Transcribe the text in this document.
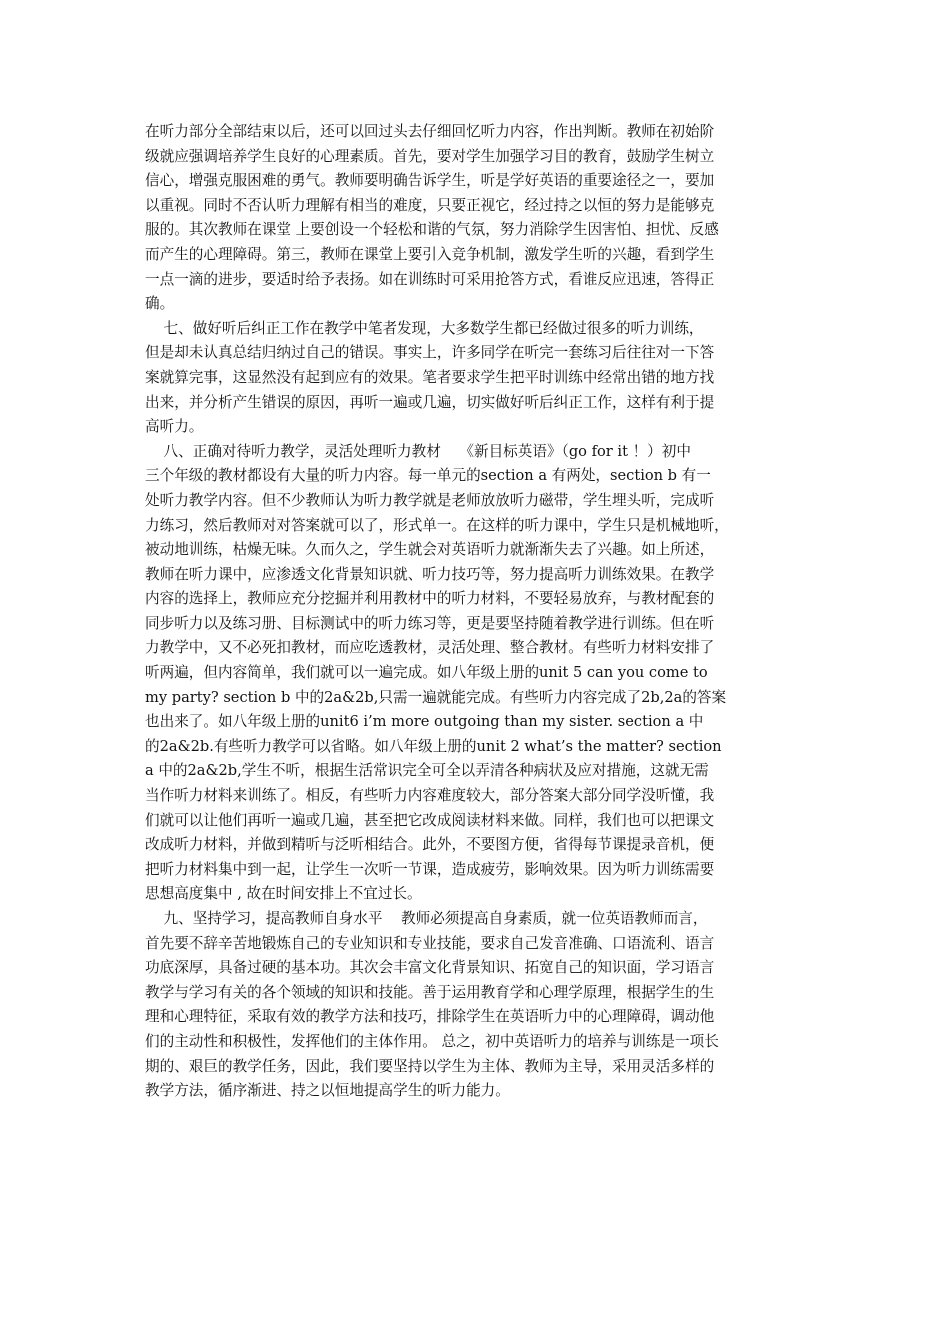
在听力部分全部结束以后，还可以回过头去仔细回忆听力内容，作出判断。教师在初始阶
级就应强调培养学生良好的心理素质。首先，要对学生加强学习目的教育，鼓励学生树立
信心，增强克服困难的勇气。教师要明确告诉学生，听是学好英语的重要途径之一，要加
以重视。同时不否认听力理解有相当的难度，只要正视它，经过持之以恒的努力是能够克
服的。其次教师在课堂 上要创设一个轻松和谐的气氛，努力消除学生因害怕、担忧、反感
而产生的心理障碍。第三，教师在课堂上要引入竞争机制，激发学生听的兴趣，看到学生
一点一滴的进步，要适时给予表扬。如在训练时可采用抢答方式，看谁反应迅速，答得正
确。
七、做好听后纠正工作在教学中笔者发现，大多数学生都已经做过很多的听力训练，
但是却未认真总结归纳过自己的错误。事实上，许多同学在听完一套练习后往往对一下答
案就算完事，这显然没有起到应有的效果。笔者要求学生把平时训练中经常出错的地方找
出来，并分析产生错误的原因，再听一遍或几遍，切实做好听后纠正工作，这样有利于提
高听力。
八、正确对待听力教学，灵活处理听力教材    《新目标英语》（go for it ！）初中
三个年级的教材都设有大量的听力内容。每一单元的section a 有两处，section b 有一
处听力教学内容。但不少教师认为听力教学就是老师放放听力磁带，学生埋头听，完成听
力练习，然后教师对对答案就可以了，形式单一。在这样的听力课中，学生只是机械地听，
被动地训练，枯燥无味。久而久之，学生就会对英语听力就渐渐失去了兴趣。如上所述，
教师在听力课中，应渗透文化背景知识就、听力技巧等，努力提高听力训练效果。在教学
内容的选择上，教师应充分挖掘并利用教材中的听力材料，不要轻易放弃，与教材配套的
同步听力以及练习册、目标测试中的听力练习等，更是要坚持随着教学进行训练。但在听
力教学中，又不必死扣教材，而应吃透教材，灵活处理、整合教材。有些听力材料安排了
听两遍，但内容简单，我们就可以一遍完成。如八年级上册的unit 5 can you come to
my party? section b 中的2a&2b,只需一遍就能完成。有些听力内容完成了2b,2a的答案
也出来了。如八年级上册的unit6 i’m more outgoing than my sister. section a 中
的2a&2b.有些听力教学可以省略。如八年级上册的unit 2 what’s the matter? section
a 中的2a&2b,学生不听，根据生活常识完全可全以弄清各种病状及应对措施，这就无需
当作听力材料来训练了。相反，有些听力内容难度较大，部分答案大部分同学没听懂，我
们就可以让他们再听一遍或几遍，甚至把它改成阅读材料来做。同样，我们也可以把课文
改成听力材料，并做到精听与泛听相结合。此外，不要图方便，省得每节课提录音机，便
把听力材料集中到一起，让学生一次听一节课，造成疲劳，影响效果。因为听力训练需要
思想高度集中 , 故在时间安排上不宜过长。
九、坚持学习，提高教师自身水平    教师必须提高自身素质，就一位英语教师而言，
首先要不辞辛苦地锻炼自己的专业知识和专业技能，要求自己发音准确、口语流利、语言
功底深厚，具备过硬的基本功。其次会丰富文化背景知识、拓宽自己的知识面，学习语言
教学与学习有关的各个领域的知识和技能。善于运用教育学和心理学原理，根据学生的生
理和心理特征，采取有效的教学方法和技巧，排除学生在英语听力中的心理障碍，调动他
们的主动性和积极性，发挥他们的主体作用。 总之，初中英语听力的培养与训练是一项长
期的、艰巨的教学任务，因此，我们要坚持以学生为主体、教师为主导，采用灵活多样的
教学方法，循序渐进、持之以恒地提高学生的听力能力。
